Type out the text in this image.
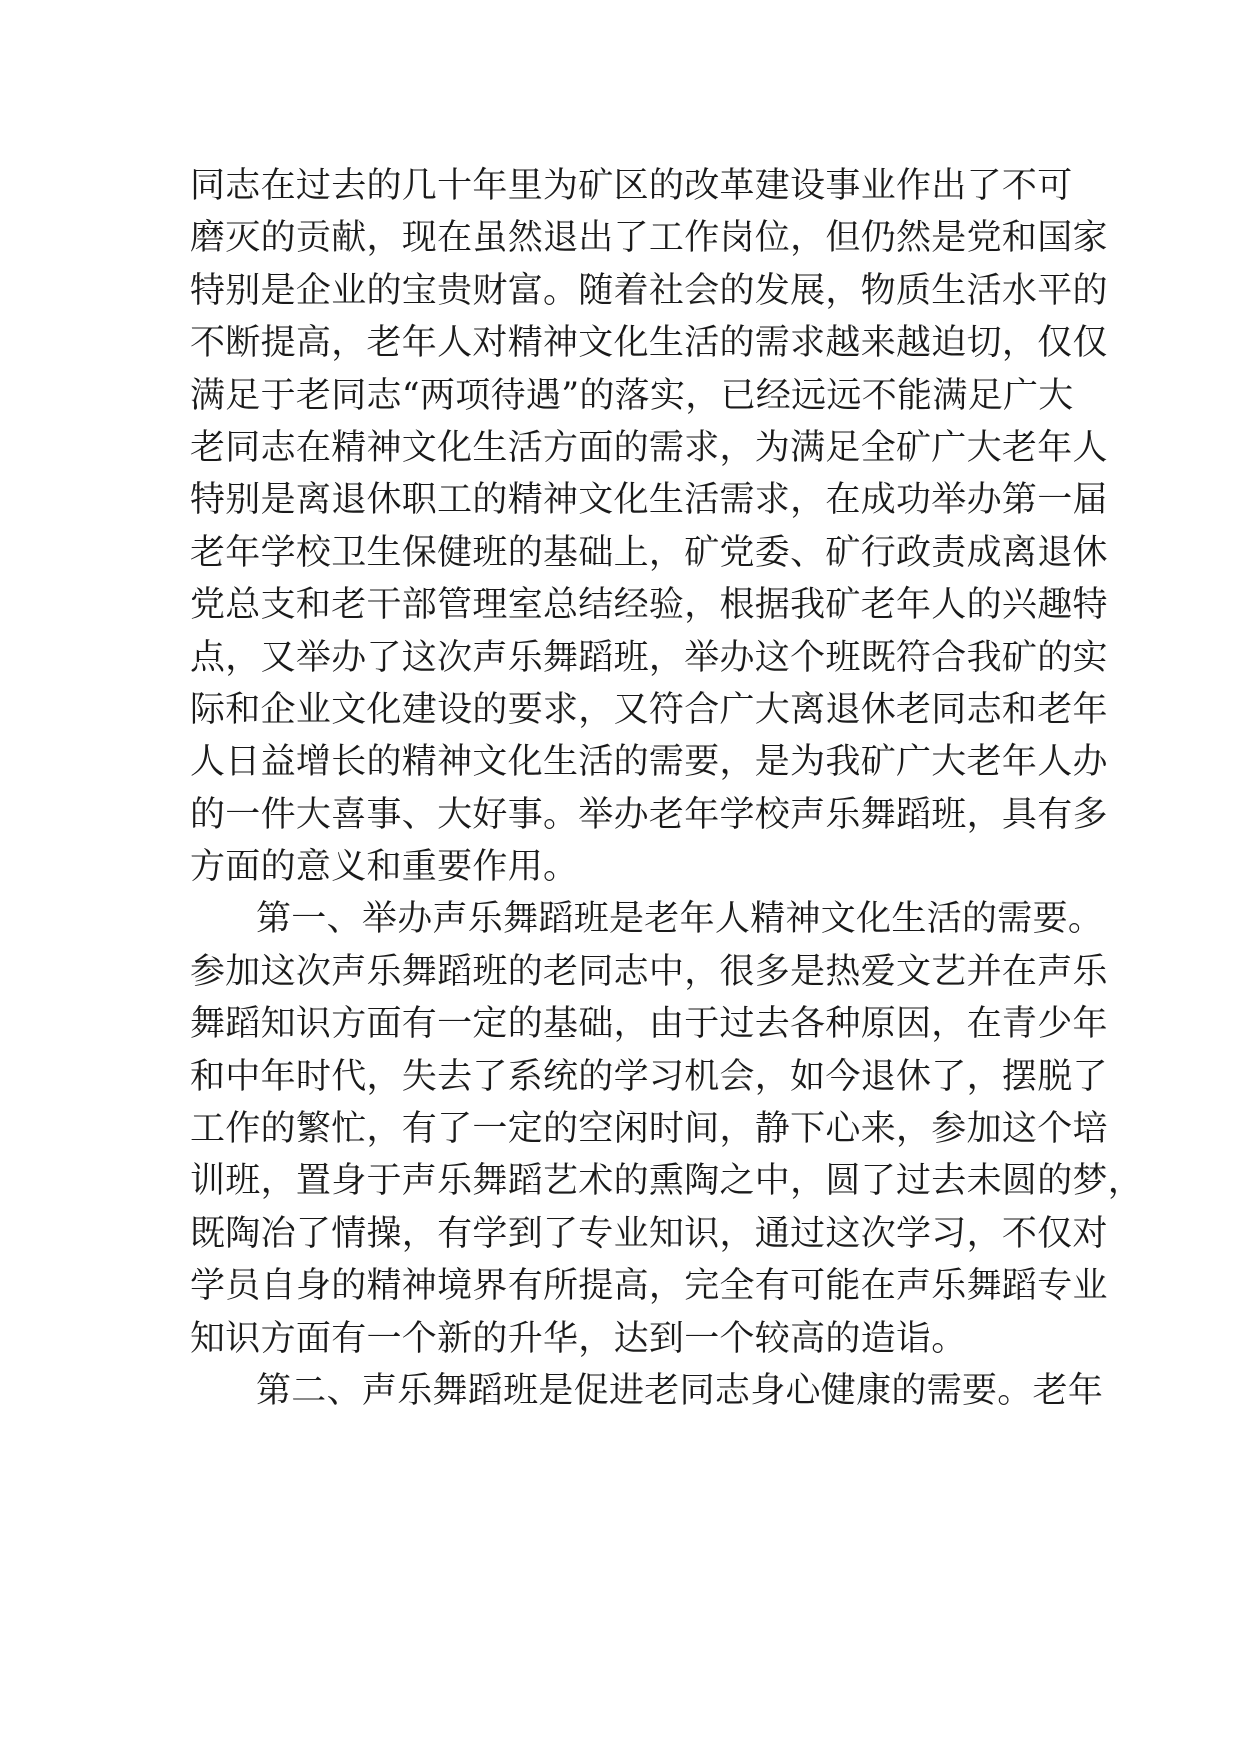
同志在过去的几十年里为矿区的改革建设事业作出了不可
磨灭的贡献，现在虽然退出了工作岗位，但仍然是党和国家
特别是企业的宝贵财富。随着社会的发展，物质生活水平的
不断提高，老年人对精神文化生活的需求越来越迫切，仅仅
满足于老同志“两项待遇”的落实，已经远远不能满足广大
老同志在精神文化生活方面的需求，为满足全矿广大老年人
特别是离退休职工的精神文化生活需求，在成功举办第一届
老年学校卫生保健班的基础上，矿党委、矿行政责成离退休
党总支和老干部管理室总结经验，根据我矿老年人的兴趣特
点，又举办了这次声乐舞蹈班，举办这个班既符合我矿的实
际和企业文化建设的要求，又符合广大离退休老同志和老年
人日益增长的精神文化生活的需要，是为我矿广大老年人办
的一件大喜事、大好事。举办老年学校声乐舞蹈班，具有多
方面的意义和重要作用。
第一、举办声乐舞蹈班是老年人精神文化生活的需要。
参加这次声乐舞蹈班的老同志中，很多是热爱文艺并在声乐
舞蹈知识方面有一定的基础，由于过去各种原因，在青少年
和中年时代，失去了系统的学习机会，如今退休了，摆脱了
工作的繁忙，有了一定的空闲时间，静下心来，参加这个培
训班，置身于声乐舞蹈艺术的熏陶之中，圆了过去未圆的梦，
既陶冶了情操，有学到了专业知识，通过这次学习，不仅对
学员自身的精神境界有所提高，完全有可能在声乐舞蹈专业
知识方面有一个新的升华，达到一个较高的造诣。
第二、声乐舞蹈班是促进老同志身心健康的需要。老年
